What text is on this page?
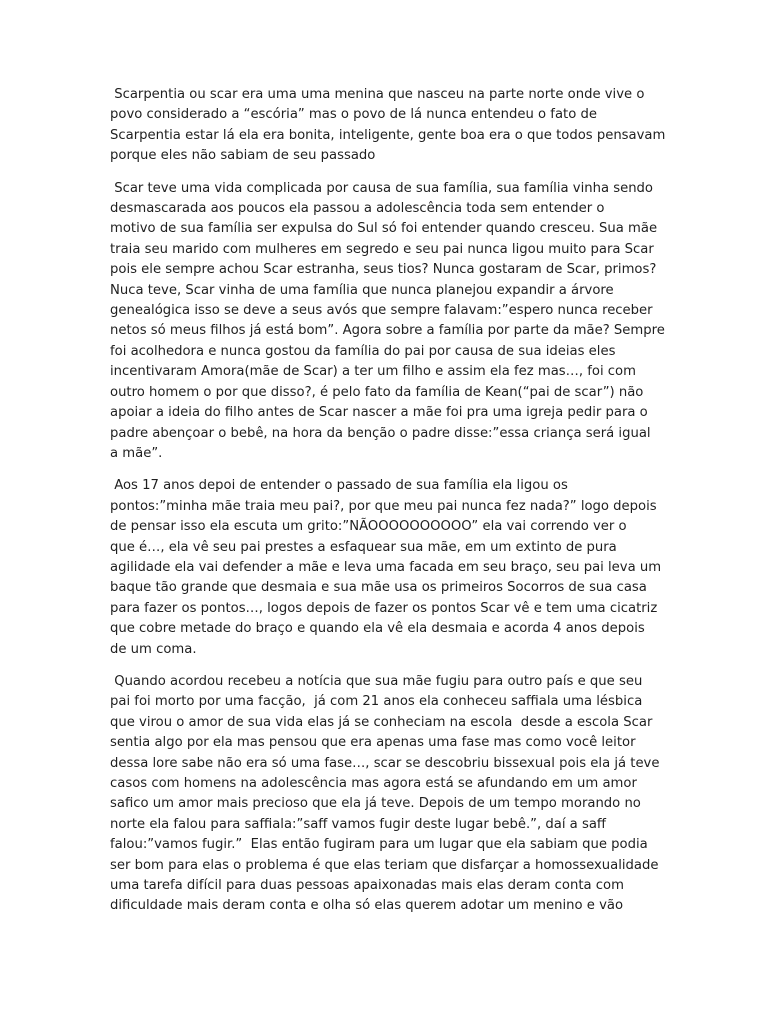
Scarpentia ou scar era uma uma menina que nasceu na parte norte onde vive o
povo considerado a “escória” mas o povo de lá nunca entendeu o fato de
Scarpentia estar lá ela era bonita, inteligente, gente boa era o que todos pensavam
porque eles não sabiam de seu passado

Scar teve uma vida complicada por causa de sua família, sua família vinha sendo
desmascarada aos poucos ela passou a adolescência toda sem entender o
motivo de sua família ser expulsa do Sul só foi entender quando cresceu. Sua mãe
traia seu marido com mulheres em segredo e seu pai nunca ligou muito para Scar
pois ele sempre achou Scar estranha, seus tios? Nunca gostaram de Scar, primos?
Nuca teve, Scar vinha de uma família que nunca planejou expandir a árvore
genealógica isso se deve a seus avós que sempre falavam:”espero nunca receber
netos só meus filhos já está bom”. Agora sobre a família por parte da mãe? Sempre
foi acolhedora e nunca gostou da família do pai por causa de sua ideias eles
incentivaram Amora(mãe de Scar) a ter um filho e assim ela fez mas…, foi com
outro homem o por que disso?, é pelo fato da família de Kean(“pai de scar”) não
apoiar a ideia do filho antes de Scar nascer a mãe foi pra uma igreja pedir para o
padre abençoar o bebê, na hora da benção o padre disse:”essa criança será igual
a mãe”.

Aos 17 anos depoi de entender o passado de sua família ela ligou os
pontos:”minha mãe traia meu pai?, por que meu pai nunca fez nada?” logo depois
de pensar isso ela escuta um grito:”NÃOOOOOOOOOO” ela vai correndo ver o
que é…, ela vê seu pai prestes a esfaquear sua mãe, em um extinto de pura
agilidade ela vai defender a mãe e leva uma facada em seu braço, seu pai leva um
baque tão grande que desmaia e sua mãe usa os primeiros Socorros de sua casa
para fazer os pontos…, logos depois de fazer os pontos Scar vê e tem uma cicatriz
que cobre metade do braço e quando ela vê ela desmaia e acorda 4 anos depois
de um coma.

Quando acordou recebeu a notícia que sua mãe fugiu para outro país e que seu
pai foi morto por uma facção,  já com 21 anos ela conheceu saffiala uma lésbica
que virou o amor de sua vida elas já se conheciam na escola  desde a escola Scar
sentia algo por ela mas pensou que era apenas uma fase mas como você leitor
dessa lore sabe não era só uma fase…, scar se descobriu bissexual pois ela já teve
casos com homens na adolescência mas agora está se afundando em um amor
safico um amor mais precioso que ela já teve. Depois de um tempo morando no
norte ela falou para saffiala:”saff vamos fugir deste lugar bebê.”, daí a saff
falou:”vamos fugir.”  Elas então fugiram para um lugar que ela sabiam que podia
ser bom para elas o problema é que elas teriam que disfarçar a homossexualidade
uma tarefa difícil para duas pessoas apaixonadas mais elas deram conta com
dificuldade mais deram conta e olha só elas querem adotar um menino e vão
